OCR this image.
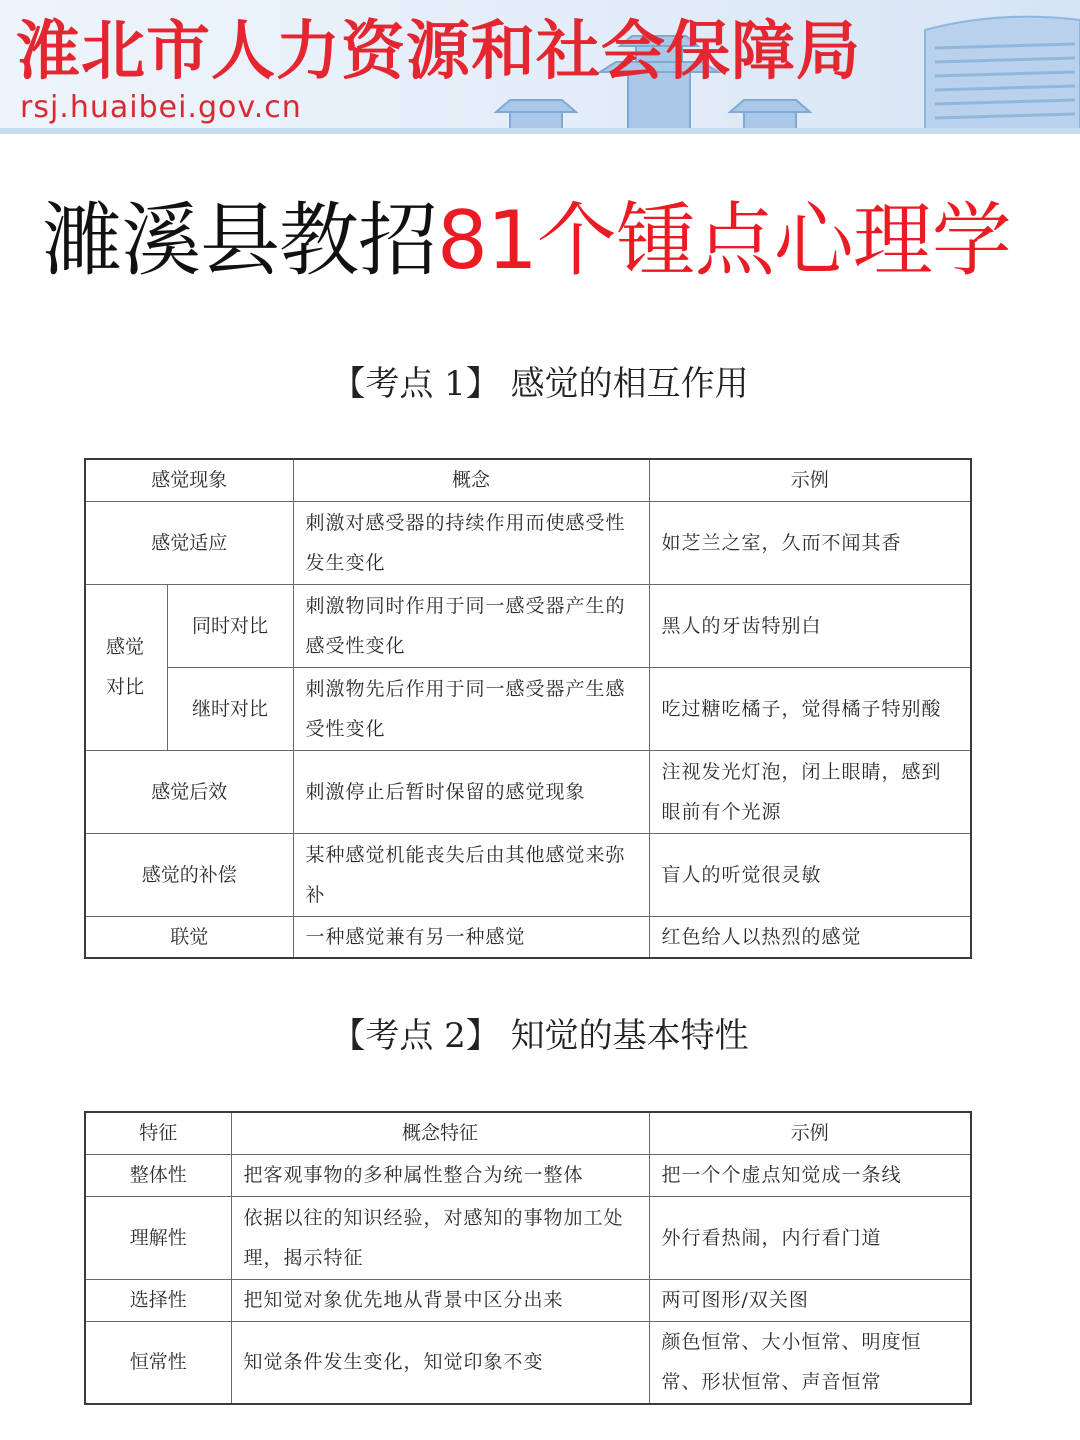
淮北市人力资源和社会保障局
rsj.huaibei.gov.cn
濉溪县教招81个锺点心理学
【考点 1】 感觉的相互作用
感觉现象		概念	示例
感觉适应		刺激对感受器的持续作用而使感受性发生变化	如芝兰之室，久而不闻其香
感觉对比	同时对比	刺激物同时作用于同一感受器产生的感受性变化	黑人的牙齿特别白
	继时对比	刺激物先后作用于同一感受器产生感受性变化	吃过糖吃橘子，觉得橘子特别酸
感觉后效		刺激停止后暂时保留的感觉现象	注视发光灯泡，闭上眼睛，感到眼前有个光源
感觉的补偿		某种感觉机能丧失后由其他感觉来弥补	盲人的听觉很灵敏
联觉		一种感觉兼有另一种感觉	红色给人以热烈的感觉
【考点 2】 知觉的基本特性
特征	概念特征	示例
整体性	把客观事物的多种属性整合为统一整体	把一个个虚点知觉成一条线
理解性	依据以往的知识经验，对感知的事物加工处理，揭示特征	外行看热闹，内行看门道
选择性	把知觉对象优先地从背景中区分出来	两可图形/双关图
恒常性	知觉条件发生变化，知觉印象不变	颜色恒常、大小恒常、明度恒常、形状恒常、声音恒常
